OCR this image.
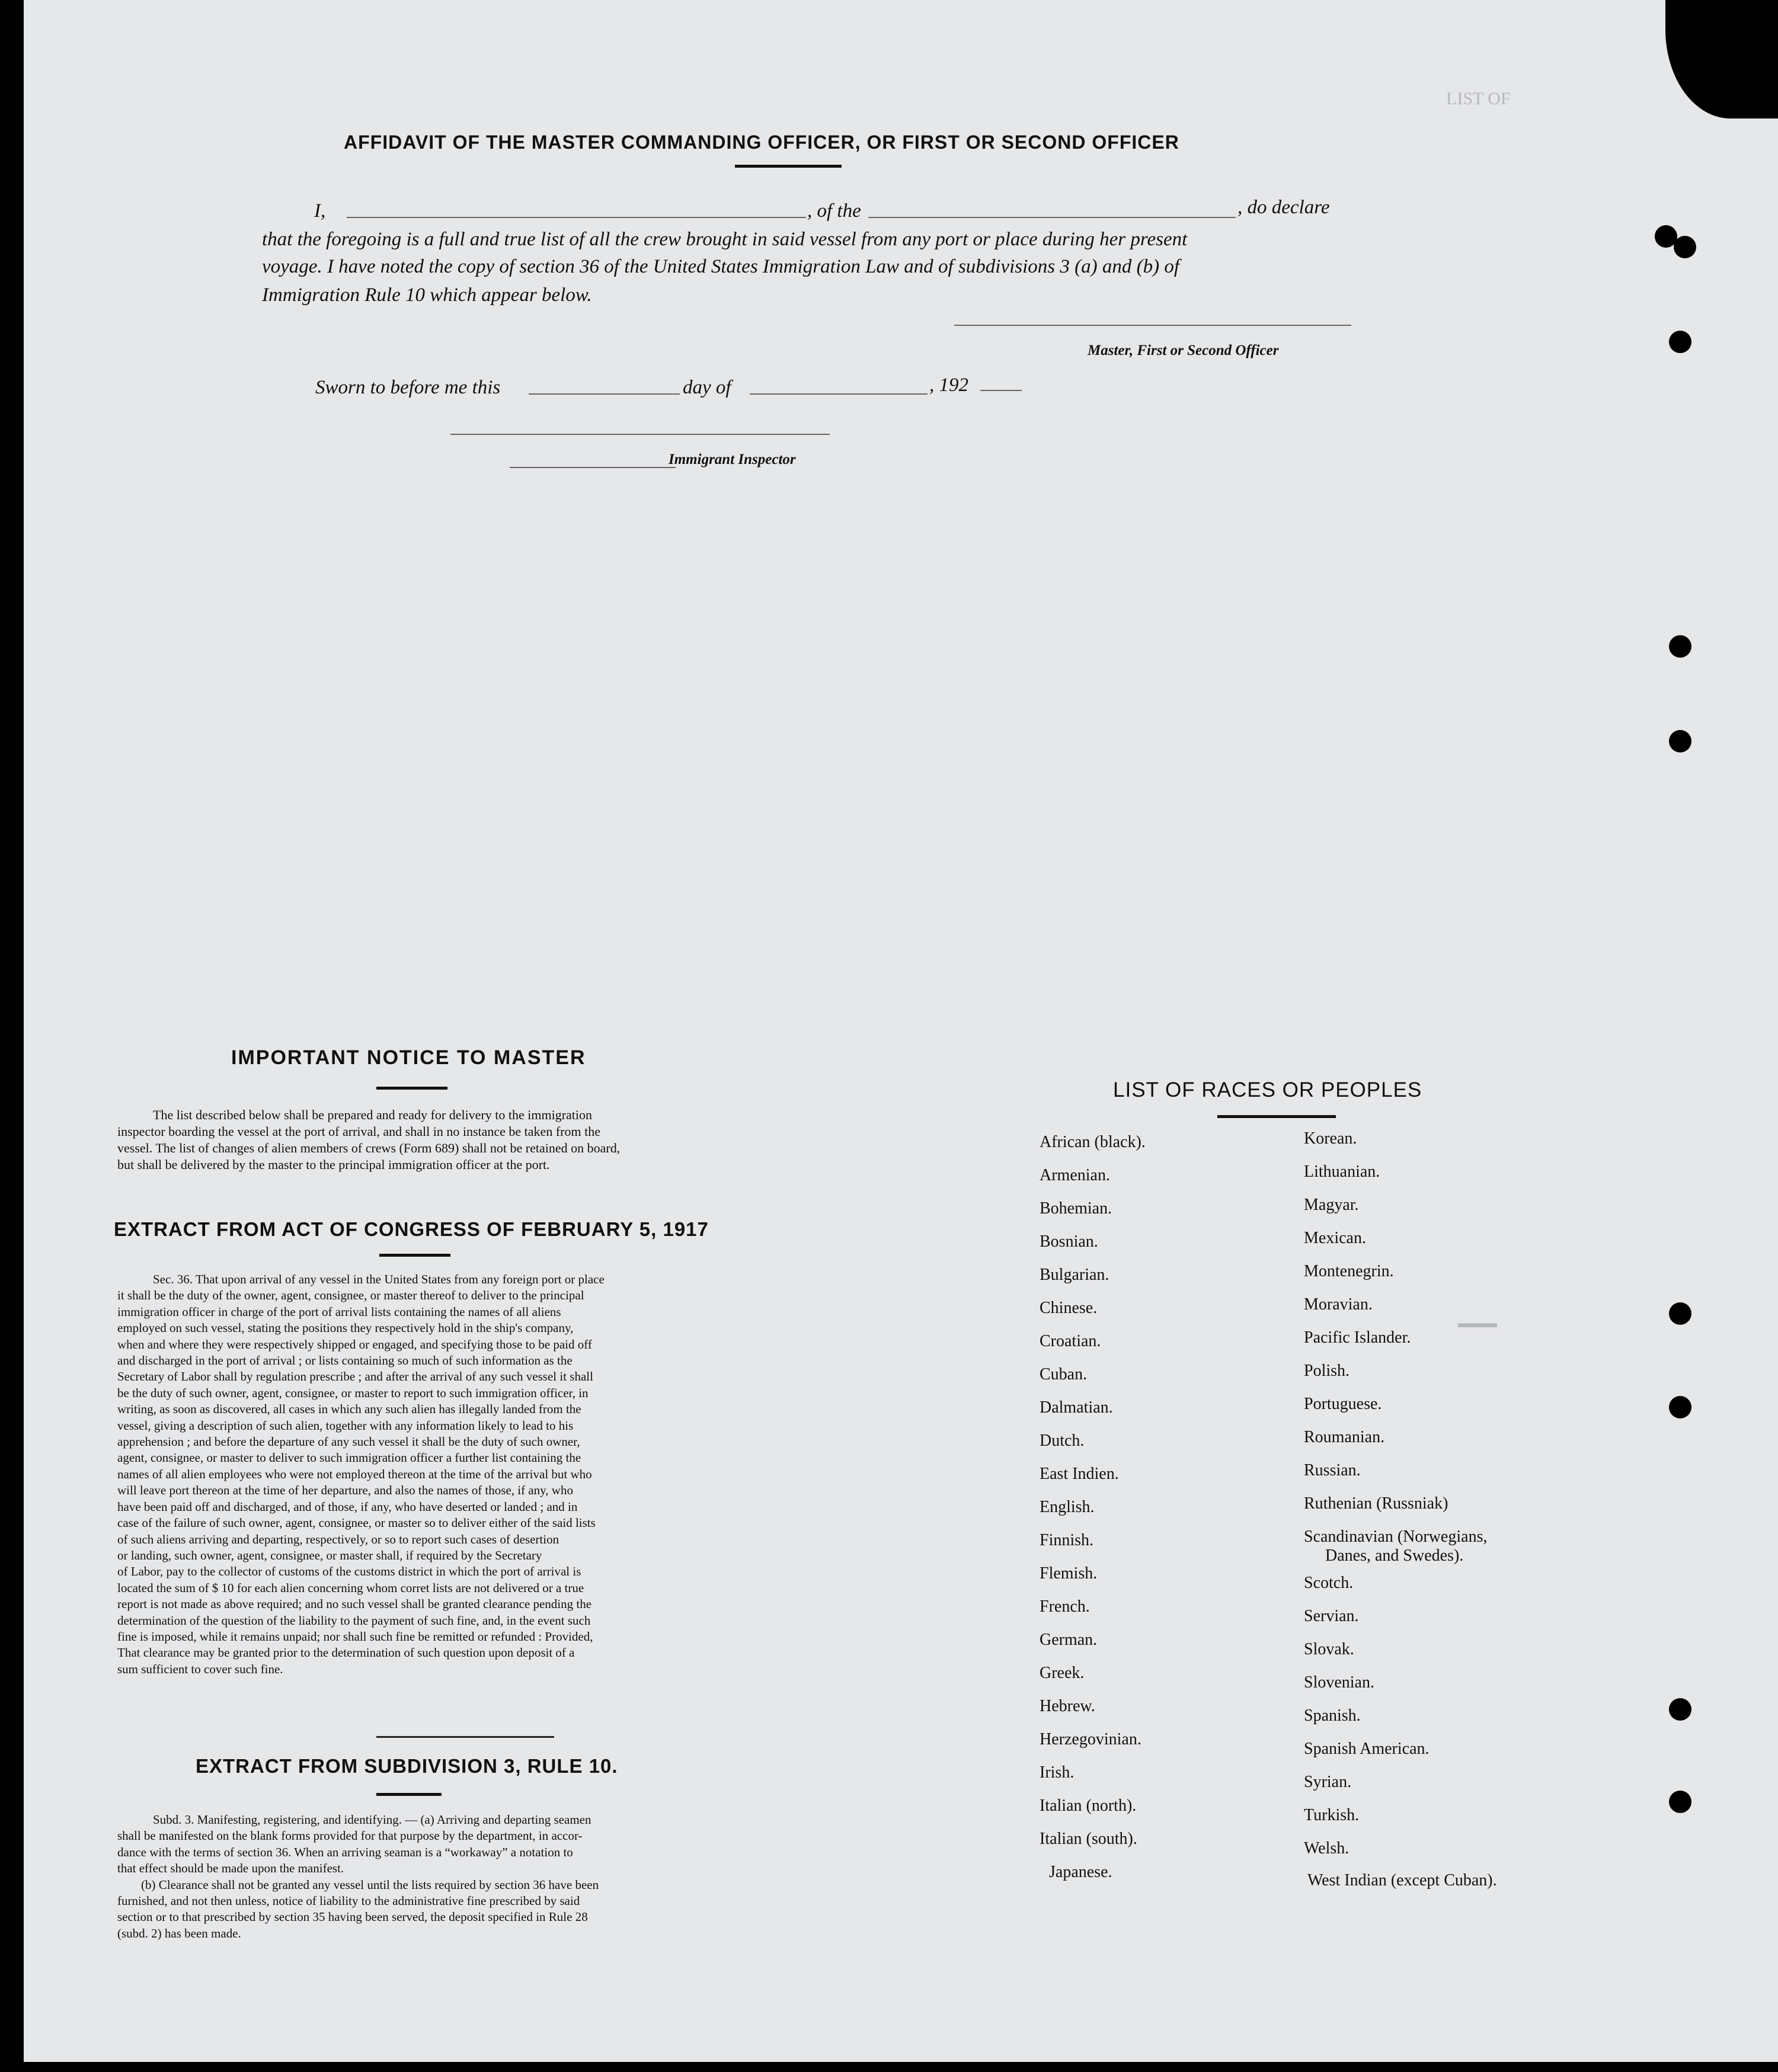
LIST OF
▬▬▬
AFFIDAVIT OF THE MASTER COMMANDING OFFICER, OR FIRST OR SECOND OFFICER
I,	, of the	, do declare
that the foregoing is a full and true list of all the crew brought in said vessel from any port or place during her present
voyage. I have noted the copy of section 36 of the United States Immigration Law and of subdivisions 3 (a) and (b) of
Immigration Rule 10 which appear below.
Master, First or Second Officer
Sworn to before me this	day of	, 192
Immigrant Inspector
IMPORTANT NOTICE TO MASTER
The list described below shall be prepared and ready for delivery to the immigration
inspector boarding the vessel at the port of arrival, and shall in no instance be taken from the
vessel. The list of changes of alien members of crews (Form 689) shall not be retained on board,
but shall be delivered by the master to the principal immigration officer at the port.
EXTRACT FROM ACT OF CONGRESS OF FEBRUARY 5, 1917
Sec. 36. That upon arrival of any vessel in the United States from any foreign port or place
it shall be the duty of the owner, agent, consignee, or master thereof to deliver to the principal
immigration officer in charge of the port of arrival lists containing the names of all aliens
employed on such vessel, stating the positions they respectively hold in the ship's company,
when and where they were respectively shipped or engaged, and specifying those to be paid off
and discharged in the port of arrival ; or lists containing so much of such information as the
Secretary of Labor shall by regulation prescribe ; and after the arrival of any such vessel it shall
be the duty of such owner, agent, consignee, or master to report to such immigration officer, in
writing, as soon as discovered, all cases in which any such alien has illegally landed from the
vessel, giving a description of such alien, together with any information likely to lead to his
apprehension ; and before the departure of any such vessel it shall be the duty of such owner,
agent, consignee, or master to deliver to such immigration officer a further list containing the
names of all alien employees who were not employed thereon at the time of the arrival but who
will leave port thereon at the time of her departure, and also the names of those, if any, who
have been paid off and discharged, and of those, if any, who have deserted or landed ; and in
case of the failure of such owner, agent, consignee, or master so to deliver either of the said lists
of such aliens arriving and departing, respectively, or so to report such cases of desertion
or landing, such owner, agent, consignee, or master shall, if required by the Secretary
of Labor, pay to the collector of customs of the customs district in which the port of arrival is
located the sum of $ 10 for each alien concerning whom corret lists are not delivered or a true
report is not made as above required; and no such vessel shall be granted clearance pending the
determination of the question of the liability to the payment of such fine, and, in the event such
fine is imposed, while it remains unpaid; nor shall such fine be remitted or refunded : Provided,
That clearance may be granted prior to the determination of such question upon deposit of a
sum sufficient to cover such fine.
EXTRACT FROM SUBDIVISION 3, RULE 10.
Subd. 3. Manifesting, registering, and identifying. — (a) Arriving and departing seamen
shall be manifested on the blank forms provided for that purpose by the department, in accor-
dance with the terms of section 36. When an arriving seaman is a “workaway” a notation to
that effect should be made upon the manifest.
(b) Clearance shall not be granted any vessel until the lists required by section 36 have been
furnished, and not then unless, notice of liability to the administrative fine prescribed by said
section or to that prescribed by section 35 having been served, the deposit specified in Rule 28
(subd. 2) has been made.
LIST OF RACES OR PEOPLES
African (black).
Armenian.
Bohemian.
Bosnian.
Bulgarian.
Chinese.
Croatian.
Cuban.
Dalmatian.
Dutch.
East Indien.
English.
Finnish.
Flemish.
French.
German.
Greek.
Hebrew.
Herzegovinian.
Irish.
Italian (north).
Italian (south).
Japanese.
Korean.
Lithuanian.
Magyar.
Mexican.
Montenegrin.
Moravian.
Pacific Islander.
Polish.
Portuguese.
Roumanian.
Russian.
Ruthenian (Russniak)
Scandinavian (Norwegians,
Danes, and Swedes).
Scotch.
Servian.
Slovak.
Slovenian.
Spanish.
Spanish American.
Syrian.
Turkish.
Welsh.
West Indian (except Cuban).
